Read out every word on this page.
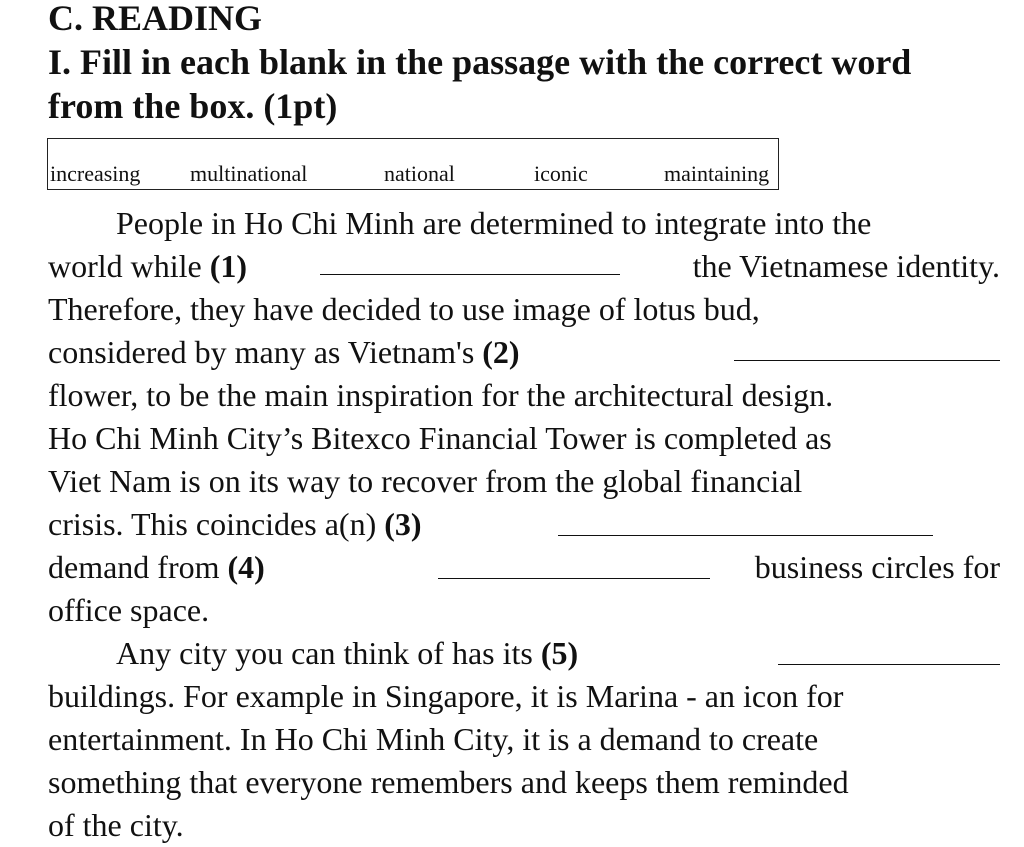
C. READING
I. Fill in each blank in the passage with the correct word
from the box. (1pt)
increasing multinational	national	iconic	maintaining
People in Ho Chi Minh are determined to integrate into the
world while (1)	the Vietnamese identity.
Therefore, they have decided to use image of lotus bud,
considered by many as Vietnam's (2)
flower, to be the main inspiration for the architectural design.
Ho Chi Minh City’s Bitexco Financial Tower is completed as
Viet Nam is on its way to recover from the global financial
crisis. This coincides a(n) (3)
demand from (4)	business circles for
office space.
Any city you can think of has its (5)
buildings. For example in Singapore, it is Marina - an icon for
entertainment. In Ho Chi Minh City, it is a demand to create
something that everyone remembers and keeps them reminded
of the city.
